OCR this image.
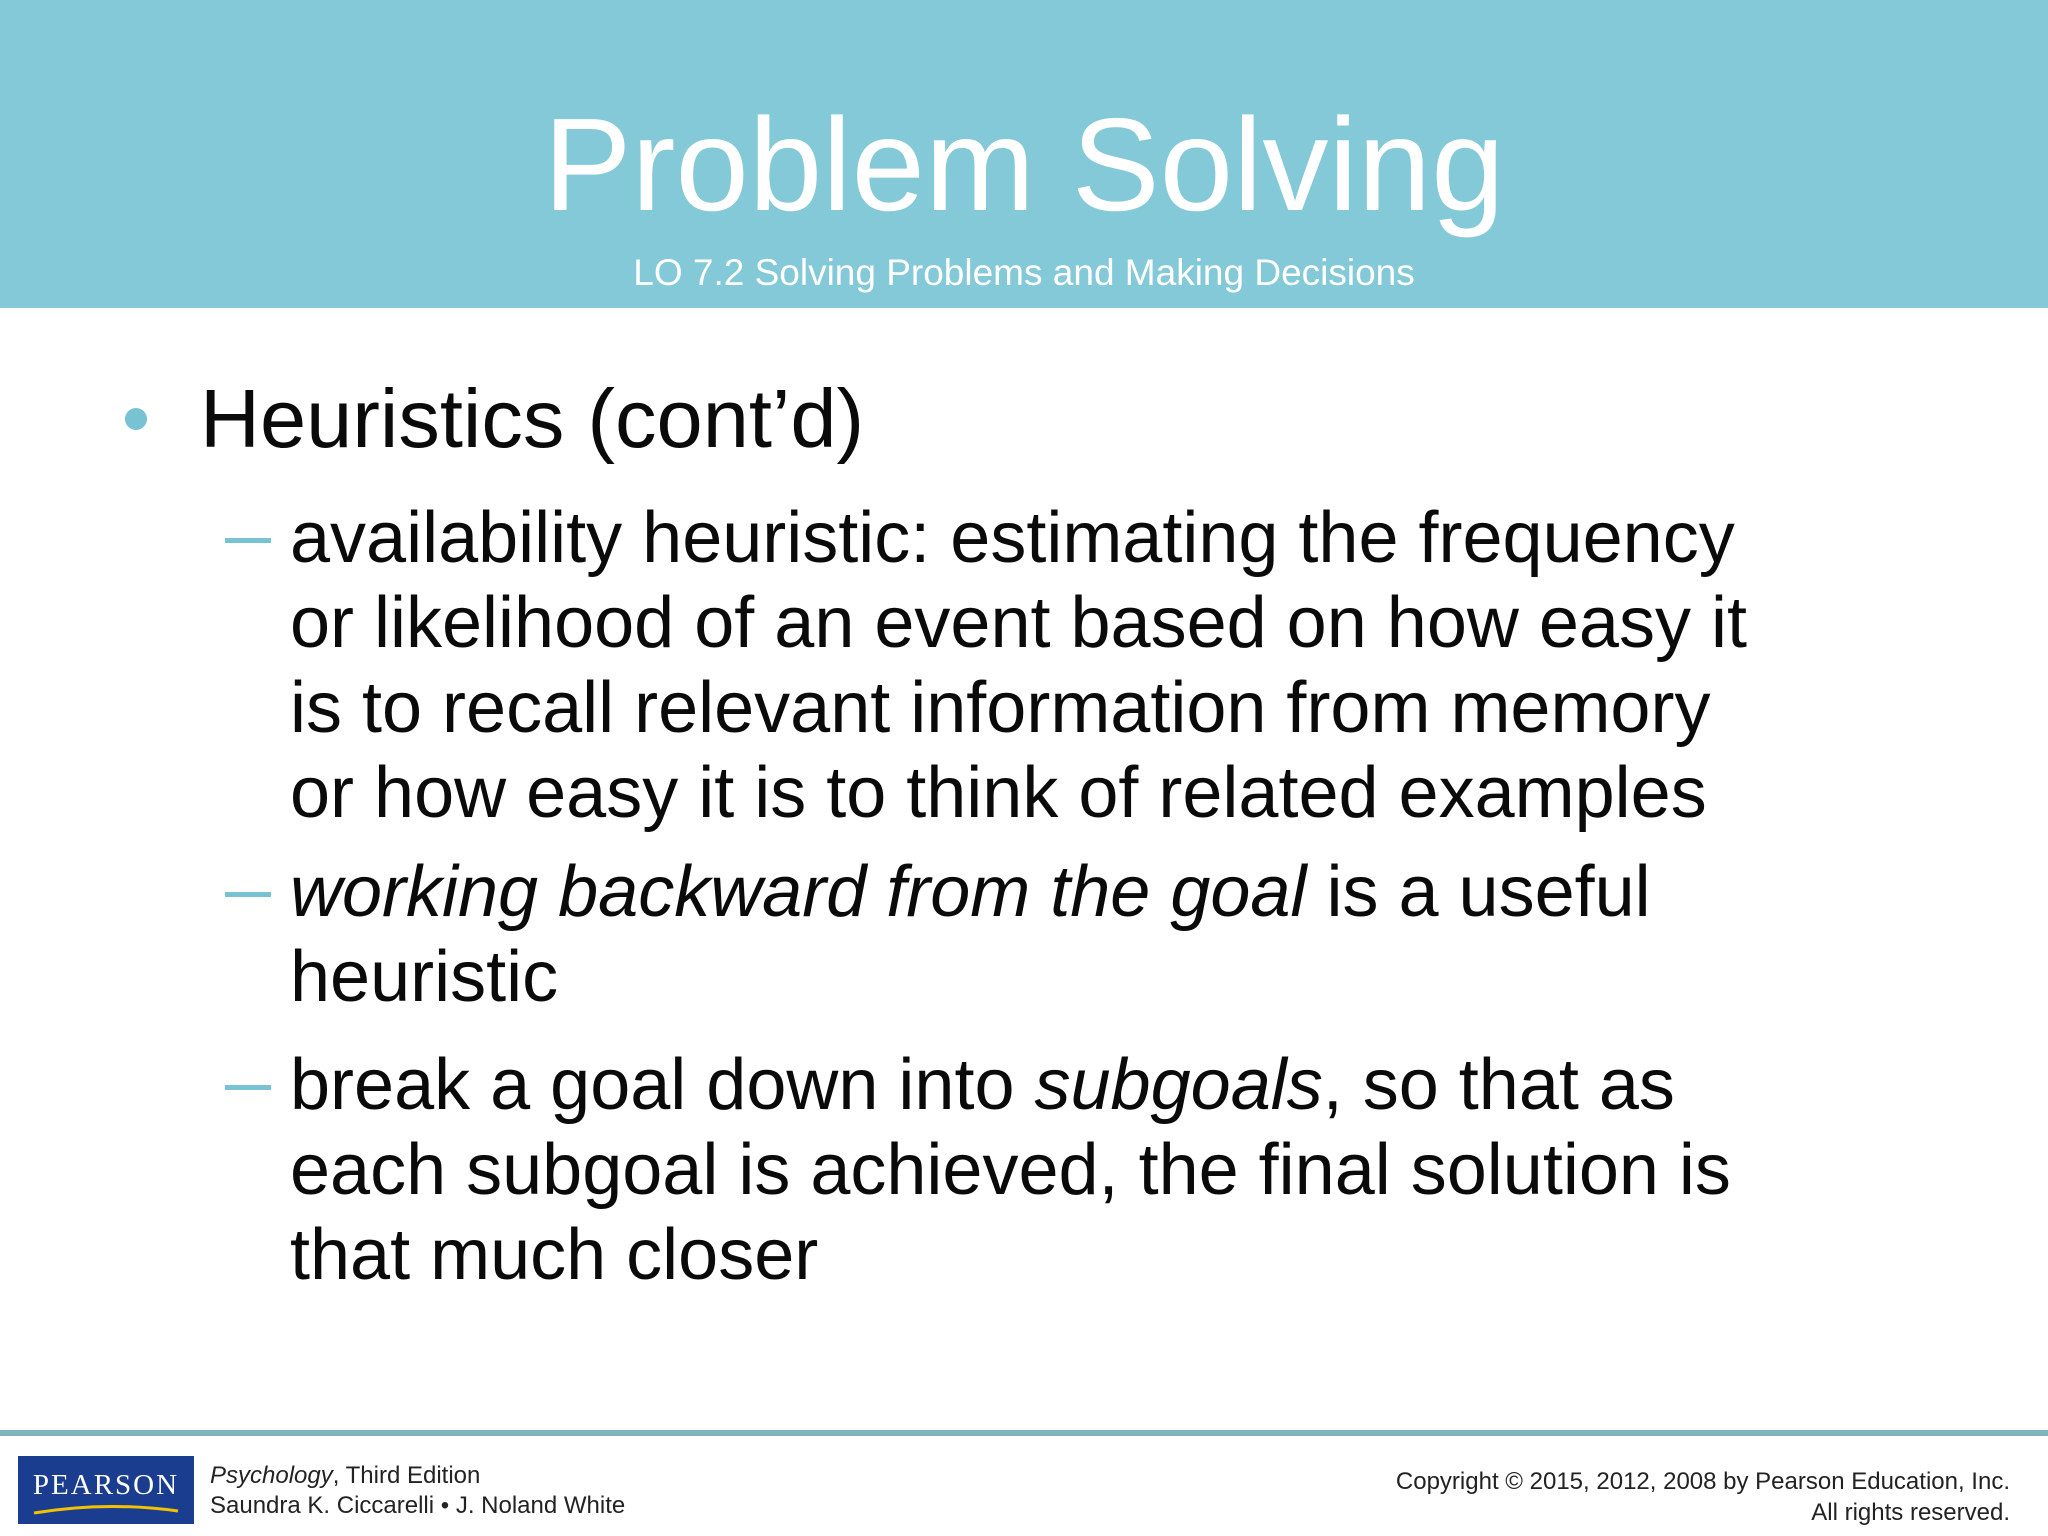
Problem Solving
LO 7.2 Solving Problems and Making Decisions
Heuristics (cont’d)
availability heuristic: estimating the frequency
or likelihood of an event based on how easy it
is to recall relevant information from memory
or how easy it is to think of related examples
working backward from the goal is a useful
heuristic
break a goal down into subgoals, so that as
each subgoal is achieved, the final solution is
that much closer
PEARSON	Psychology, Third Edition
Saundra K. Ciccarelli • J. Noland White
Copyright © 2015, 2012, 2008 by Pearson Education, Inc.
All rights reserved.
